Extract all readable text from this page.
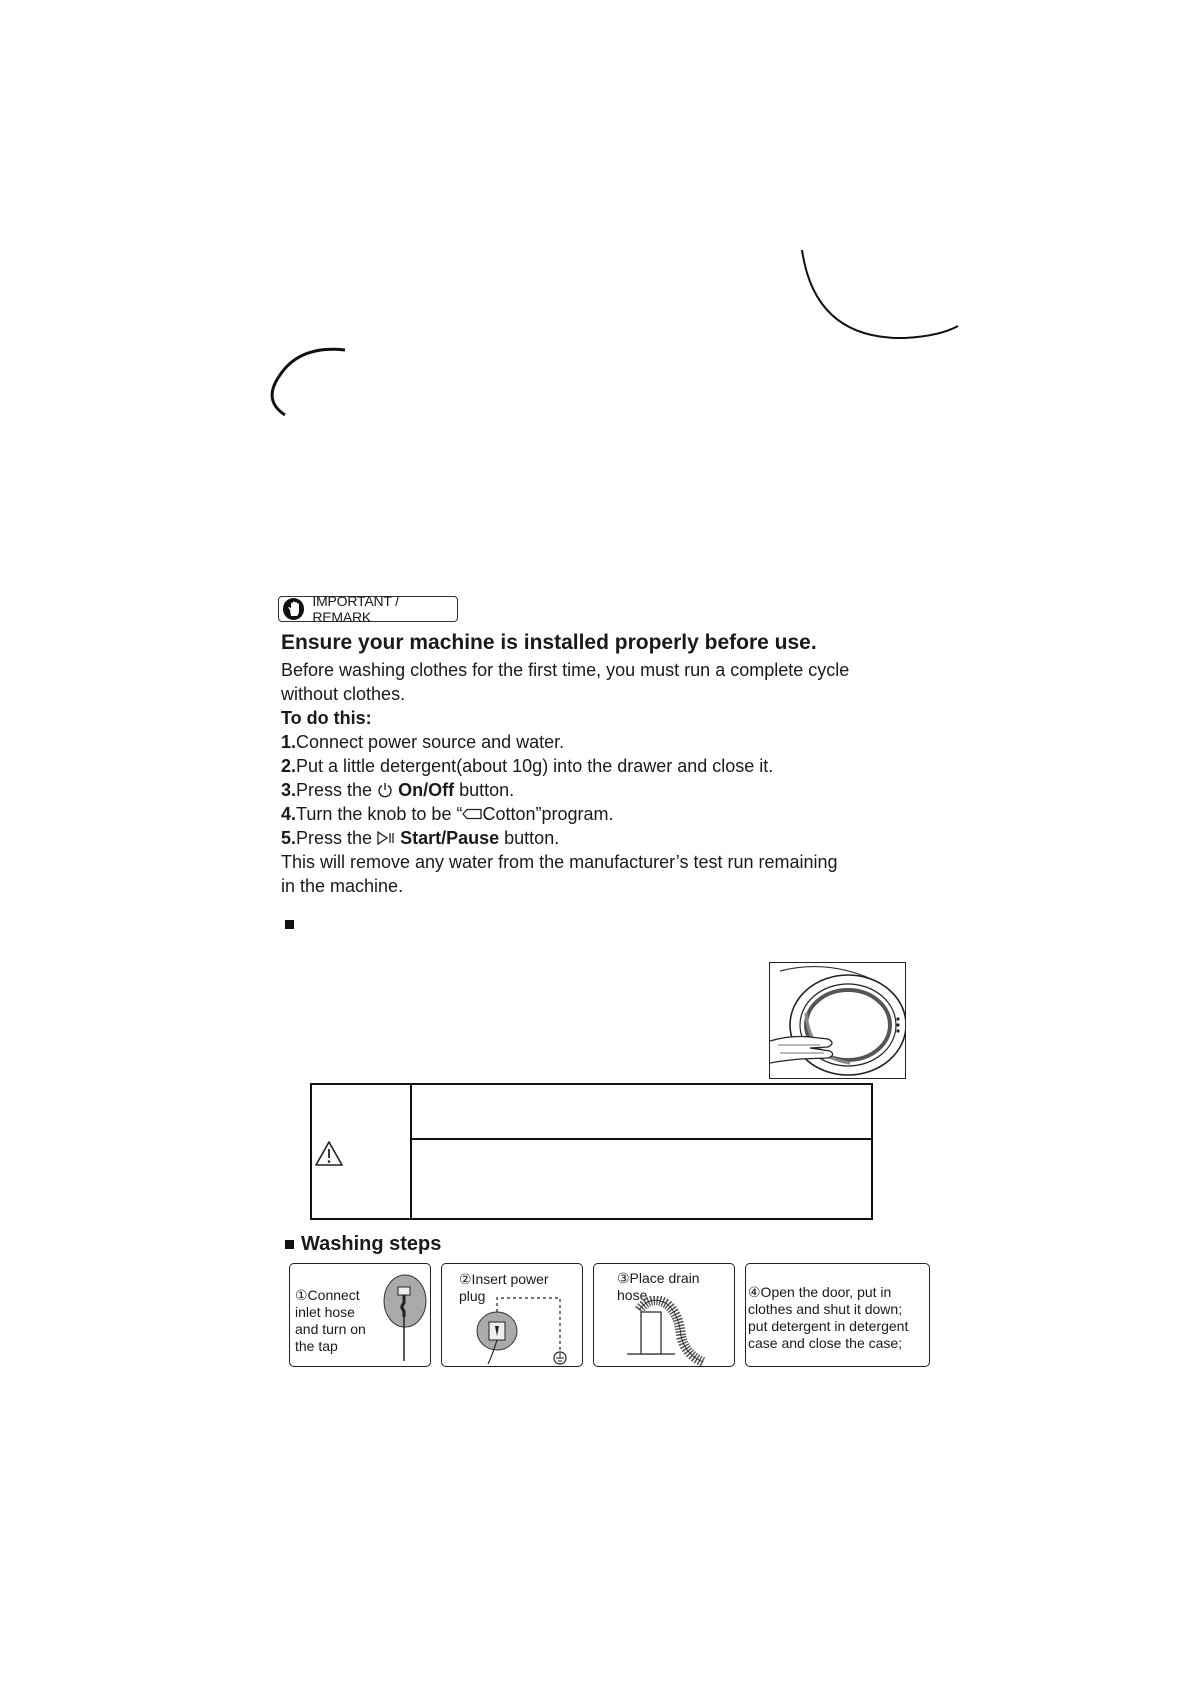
IMPORTANT / REMARK

Ensure your machine is installed properly before use.

Before washing clothes for the first time, you must run a complete cycle

without clothes.

To do this:

1.Connect power source and water.

2.Put a little detergent(about 10g) into the drawer and close it.

3.Press the On/Off button.

4.Turn the knob to be “ Cotton”program.

5.Press the Start/Pause button.

This will remove any water from the manufacturer’s test run remaining

in the machine.

Washing steps
①Connect
inlet hose
and turn on
the tap
②Insert power
plug
③Place drain
hose	④Open the door, put in
clothes and shut it down;
put detergent in detergent
case and close the case;
